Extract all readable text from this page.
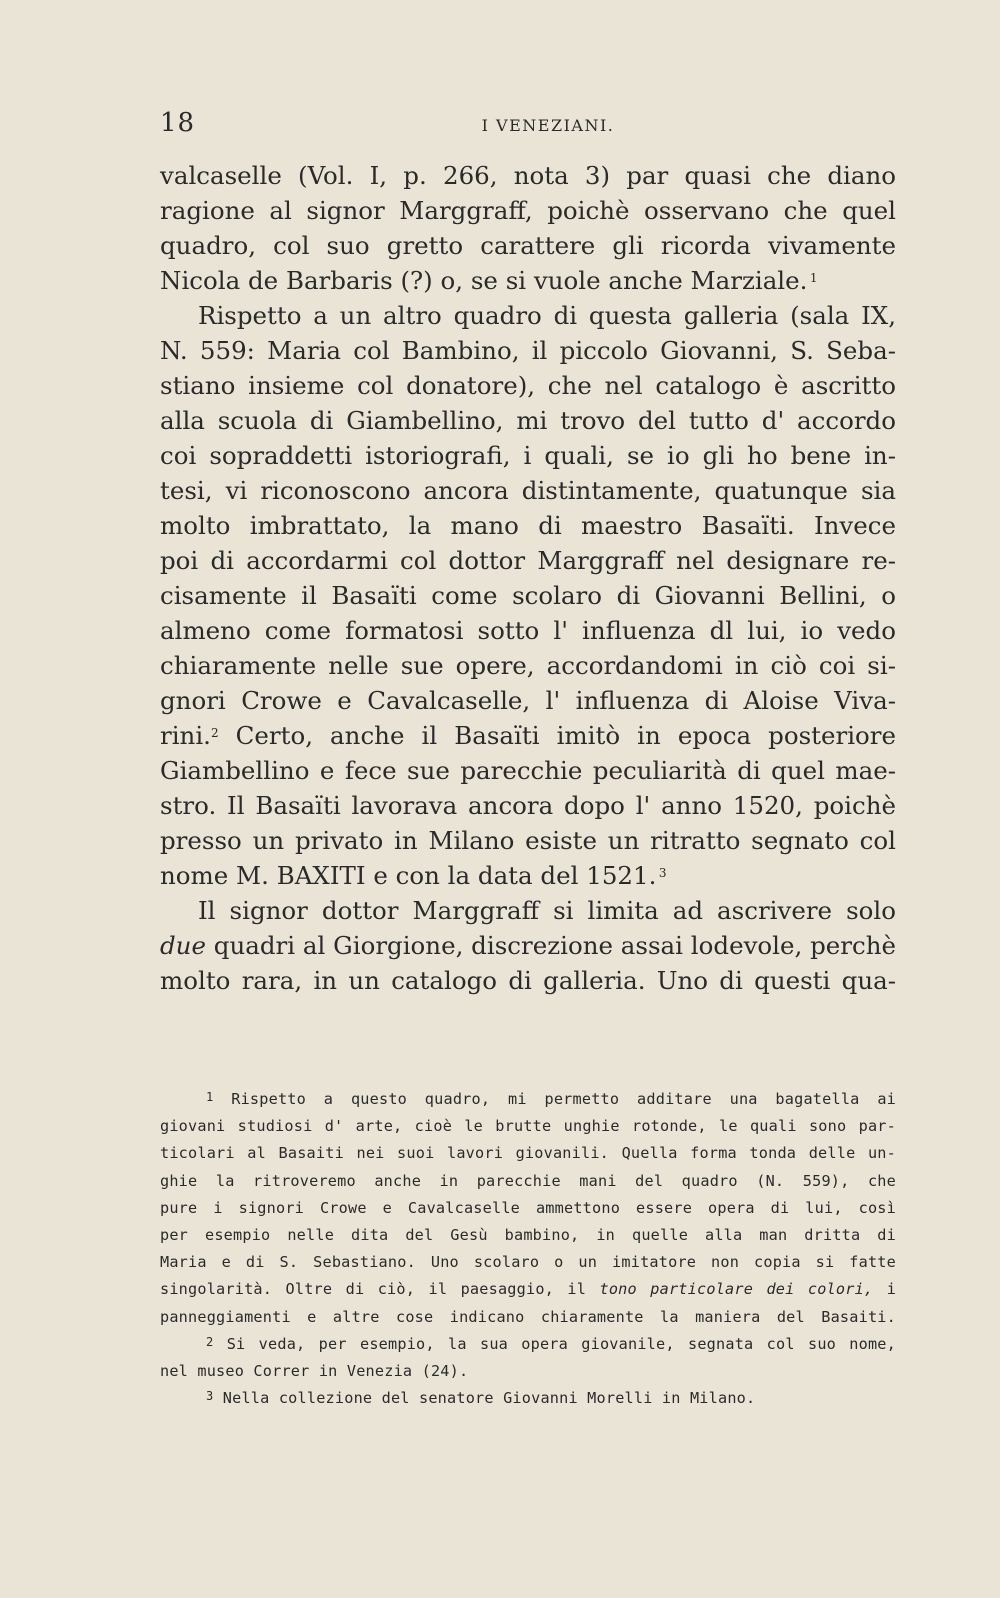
18	I VENEZIANI.
valcaselle (Vol. I, p. 266, nota 3) par quasi che diano
ragione al signor Marggraff, poichè osservano che quel
quadro, col suo gretto carattere gli ricorda vivamente
Nicola de Barbaris (?) o, se si vuole anche Marziale.  $^1$
Rispetto a un altro quadro di questa galleria (sala IX,
N. 559: Maria col Bambino, il piccolo Giovanni, S. Seba-
stiano insieme col donatore), che nel catalogo è ascritto
alla scuola di Giambellino, mi trovo del tutto d' accordo
coi sopraddetti istoriografi, i quali, se io gli ho bene in-
tesi, vi riconoscono ancora distintamente, quatunque sia
molto imbrattato, la mano di maestro Basaïti. Invece
poi di accordarmi col dottor Marggraff nel designare re-
cisamente il Basaïti come scolaro di Giovanni Bellini, o
almeno come formatosi sotto l' influenza dl lui, io vedo
chiaramente nelle sue opere, accordandomi in ciò coi si-
gnori Crowe e Cavalcaselle, l' influenza di Aloise Viva-
rini.$^2$ Certo, anche il Basaïti imitò in epoca posteriore
Giambellino e fece sue parecchie peculiarità di quel mae-
stro. Il Basaïti lavorava ancora dopo l' anno 1520, poichè
presso un privato in Milano esiste un ritratto segnato col
nome M. BAXITI e con la data del 1521.  $^3$
Il signor dottor Marggraff si limita ad ascrivere solo
due quadri al Giorgione, discrezione assai lodevole, perchè
molto rara, in un catalogo di galleria. Uno di questi qua-
$^1$ Rispetto a questo quadro, mi permetto additare una bagatella ai
giovani studiosi d' arte, cioè le brutte unghie rotonde, le quali sono par-
ticolari al Basaiti nei suoi lavori giovanili. Quella forma tonda delle un-
ghie la ritroveremo anche in parecchie mani del quadro (N. 559), che
pure i signori Crowe e Cavalcaselle ammettono essere opera di lui, così
per esempio nelle dita del Gesù bambino, in quelle alla man dritta di
Maria e di S. Sebastiano. Uno scolaro o un imitatore non copia si fatte
singolarità. Oltre di ciò, il paesaggio, il tono particolare dei colori, i
panneggiamenti e altre cose indicano chiaramente la maniera del Basaiti.
$^2$ Si veda, per esempio, la sua opera giovanile, segnata col suo nome,
nel museo Correr in Venezia (24).
$^3$ Nella collezione del senatore Giovanni Morelli in Milano.
